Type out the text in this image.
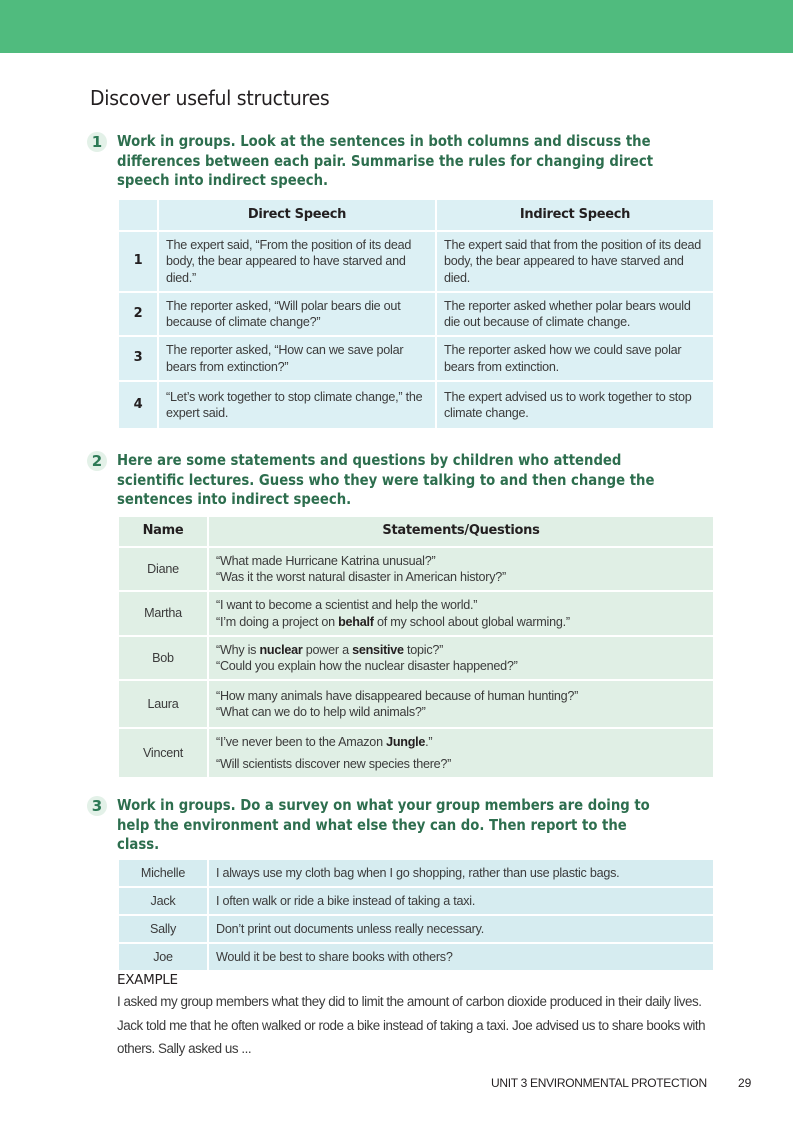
Discover useful structures
1 Work in groups. Look at the sentences in both columns and discuss the differences between each pair. Summarise the rules for changing direct speech into indirect speech.
	Direct Speech	Indirect Speech
1	The expert said, “From the position of its dead body, the bear appeared to have starved and died.”	The expert said that from the position of its dead body, the bear appeared to have starved and died.
2	The reporter asked, “Will polar bears die out because of climate change?”	The reporter asked whether polar bears would die out because of climate change.
3	The reporter asked, “How can we save polar bears from extinction?”	The reporter asked how we could save polar bears from extinction.
4	“Let’s work together to stop climate change,” the expert said.	The expert advised us to work together to stop climate change.
2 Here are some statements and questions by children who attended scientific lectures. Guess who they were talking to and then change the sentences into indirect speech.
Name	Statements/Questions
Diane	“What made Hurricane Katrina unusual?”
“Was it the worst natural disaster in American history?”

Martha	“I want to become a scientist and help the world.”
“I’m doing a project on behalf of my school about global warming.”

Bob	“Why is nuclear power a sensitive topic?”
“Could you explain how the nuclear disaster happened?”

Laura	“How many animals have disappeared because of human hunting?”
“What can we do to help wild animals?”

Vincent	“I’ve never been to the Amazon Jungle.”
“Will scientists discover new species there?”
3 Work in groups. Do a survey on what your group members are doing to help the environment and what else they can do. Then report to the class.
Michelle	I always use my cloth bag when I go shopping, rather than use plastic bags.
Jack	I often walk or ride a bike instead of taking a taxi.
Sally	Don’t print out documents unless really necessary.
Joe	Would it be best to share books with others?
EXAMPLE
I asked my group members what they did to limit the amount of carbon dioxide produced in their daily lives. Jack told me that he often walked or rode a bike instead of taking a taxi. Joe advised us to share books with others. Sally asked us ...
UNIT 3 ENVIRONMENTAL PROTECTION	29
